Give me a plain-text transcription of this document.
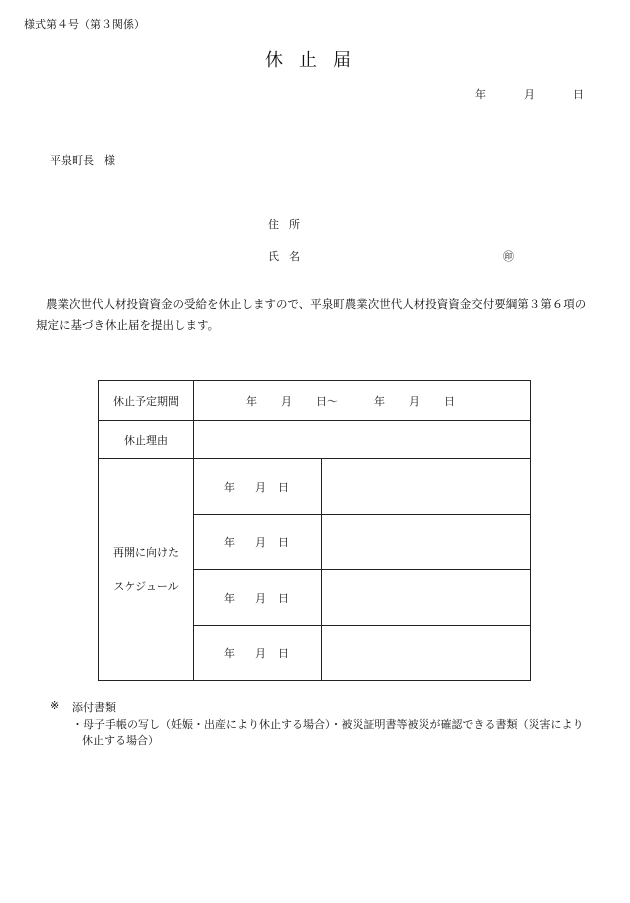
様式第４号（第３関係）
休 止 届
年	月	日
平泉町長 様
住 所
氏 名	㊞
農業次世代人材投資資金の受給を休止しますので、平泉町農業次世代人材投資資金交付要綱第３第６項の
規定に基づき休止届を提出します。
休止予定期間	年 月 日〜 年 月 日	

休止理由		

再開に向けた
スケジュール	年 月 日	
	年 月 日	
	年 月 日	
	年 月 日	
※ 添付書類
・母子手帳の写し（妊娠・出産により休止する場合）・被災証明書等被災が確認できる書類（災害により
休止する場合）
